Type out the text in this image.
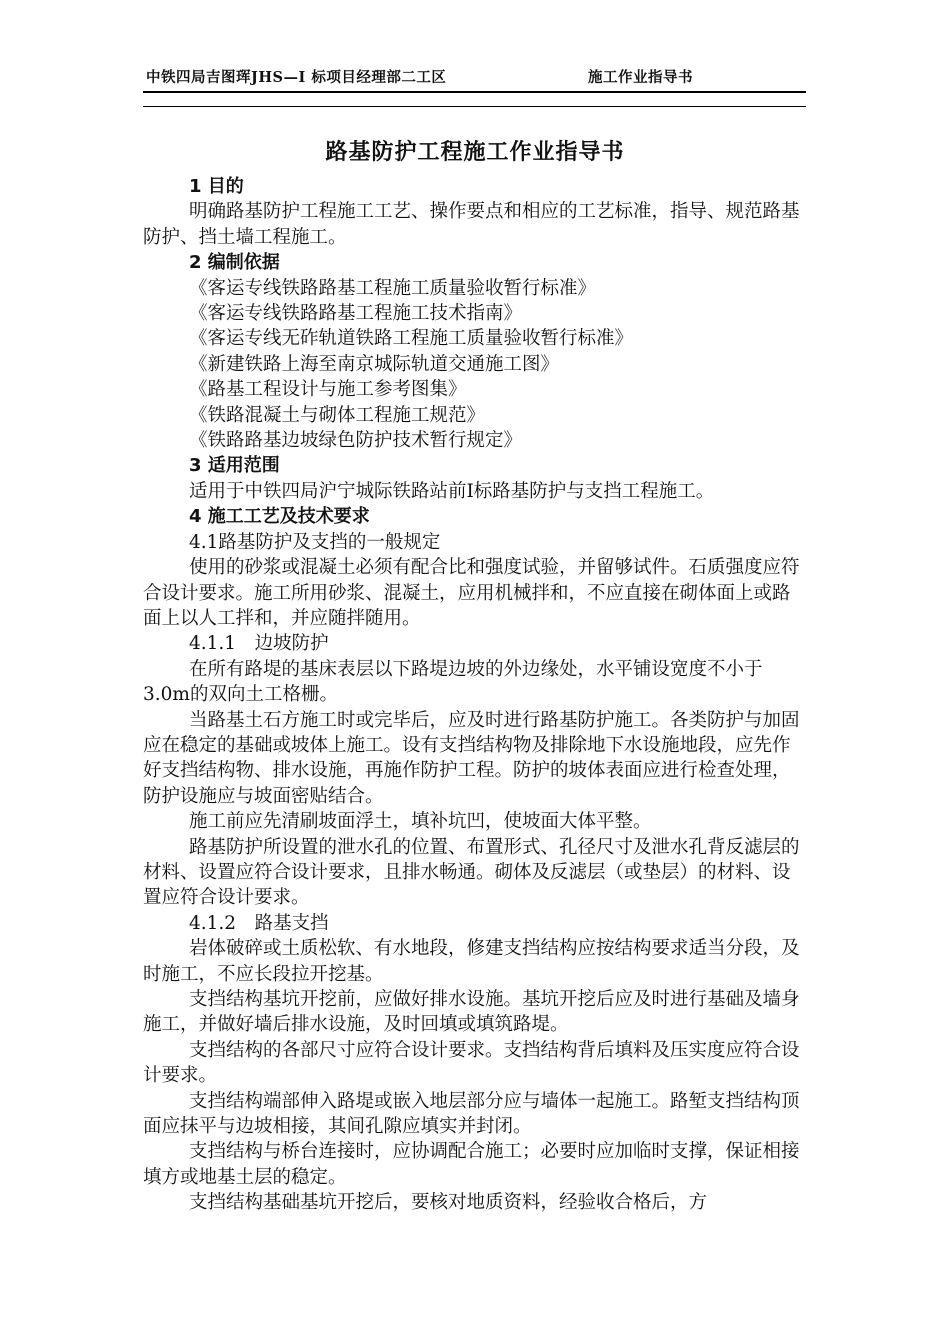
中铁四局吉图珲JHS—Ⅰ 标项目经理部二工区	施工作业指导书
路基防护工程施工作业指导书

1 目的

明确路基防护工程施工工艺、操作要点和相应的工艺标准，指导、规范路基防护、挡土墙工程施工。

2 编制依据

《客运专线铁路路基工程施工质量验收暂行标准》

《客运专线铁路路基工程施工技术指南》

《客运专线无砟轨道铁路工程施工质量验收暂行标准》

《新建铁路上海至南京城际轨道交通施工图》

《路基工程设计与施工参考图集》

《铁路混凝土与砌体工程施工规范》

《铁路路基边坡绿色防护技术暂行规定》

3 适用范围

适用于中铁四局沪宁城际铁路站前Ⅰ标路基防护与支挡工程施工。

4 施工工艺及技术要求

4.1路基防护及支挡的一般规定

使用的砂浆或混凝土必须有配合比和强度试验，并留够试件。石质强度应符合设计要求。施工所用砂浆、混凝土，应用机械拌和，不应直接在砌体面上或路面上以人工拌和，并应随拌随用。

4.1.1　边坡防护

在所有路堤的基床表层以下路堤边坡的外边缘处，水平铺设宽度不小于3.0m的双向土工格栅。

当路基土石方施工时或完毕后，应及时进行路基防护施工。各类防护与加固应在稳定的基础或坡体上施工。设有支挡结构物及排除地下水设施地段，应先作好支挡结构物、排水设施，再施作防护工程。防护的坡体表面应进行检查处理，防护设施应与坡面密贴结合。

施工前应先清刷坡面浮土，填补坑凹，使坡面大体平整。

路基防护所设置的泄水孔的位置、布置形式、孔径尺寸及泄水孔背反滤层的材料、设置应符合设计要求，且排水畅通。砌体及反滤层（或垫层）的材料、设置应符合设计要求。

4.1.2　路基支挡

岩体破碎或土质松软、有水地段，修建支挡结构应按结构要求适当分段，及时施工，不应长段拉开挖基。

支挡结构基坑开挖前，应做好排水设施。基坑开挖后应及时进行基础及墙身施工，并做好墙后排水设施，及时回填或填筑路堤。

支挡结构的各部尺寸应符合设计要求。支挡结构背后填料及压实度应符合设计要求。

支挡结构端部伸入路堤或嵌入地层部分应与墙体一起施工。路堑支挡结构顶面应抹平与边坡相接，其间孔隙应填实并封闭。

支挡结构与桥台连接时，应协调配合施工；必要时应加临时支撑，保证相接填方或地基土层的稳定。

支挡结构基础基坑开挖后，要核对地质资料，经验收合格后，方
